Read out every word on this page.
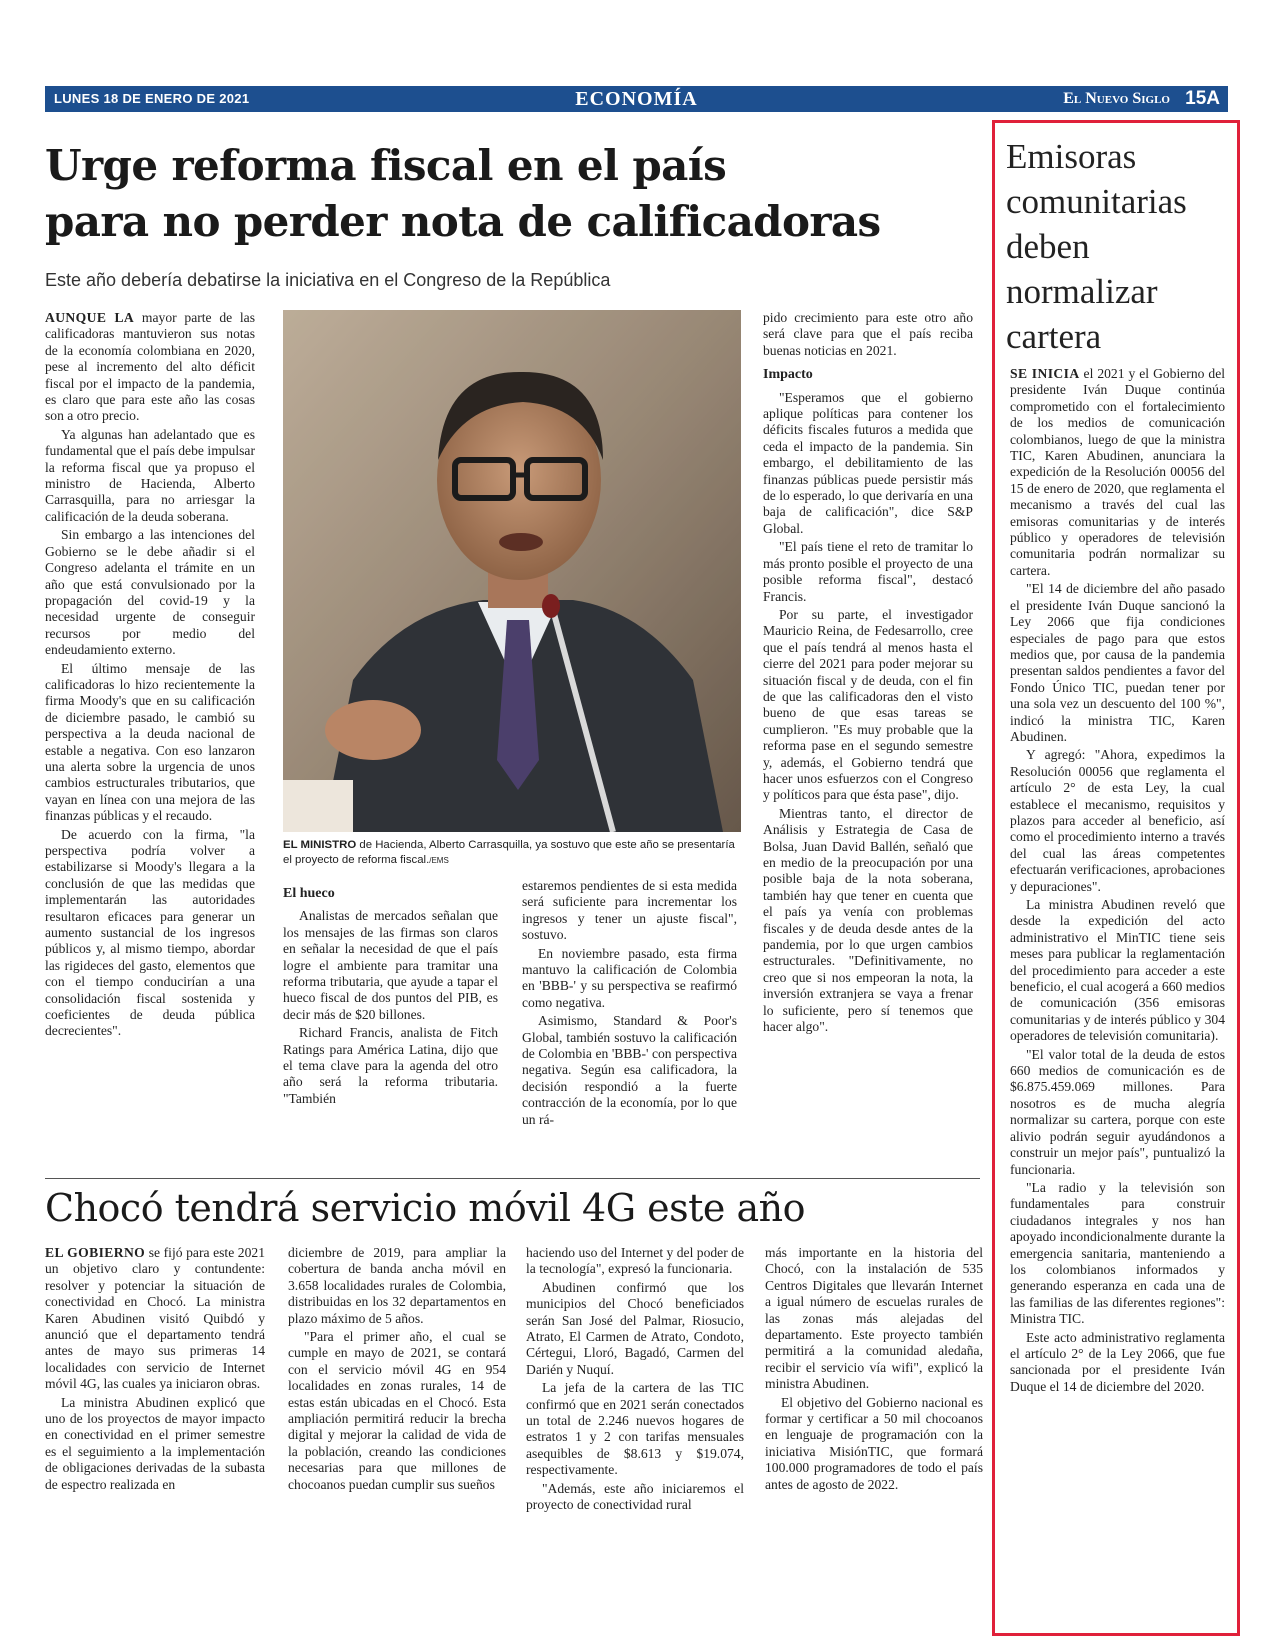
LUNES 18 DE ENERO DE 2021	ECONOMÍA	El Nuevo Siglo 15A
Urge reforma fiscal en el país
para no perder nota de calificadoras
Este año debería debatirse la iniciativa en el Congreso de la República

AUNQUE LA mayor parte de las calificadoras mantuvieron sus notas de la economía colombiana en 2020, pese al incremento del alto déficit fiscal por el impacto de la pandemia, es claro que para este año las cosas son a otro precio.

Ya algunas han adelantado que es fundamental que el país debe impulsar la reforma fiscal que ya propuso el ministro de Hacienda, Alberto Carrasquilla, para no arriesgar la calificación de la deuda soberana.

Sin embargo a las intenciones del Gobierno se le debe añadir si el Congreso adelanta el trámite en un año que está convulsionado por la propagación del covid-19 y la necesidad urgente de conseguir recursos por medio del endeudamiento externo.

El último mensaje de las calificadoras lo hizo recientemente la firma Moody's que en su calificación de diciembre pasado, le cambió su perspectiva a la deuda nacional de estable a negativa. Con eso lanzaron una alerta sobre la urgencia de unos cambios estructurales tributarios, que vayan en línea con una mejora de las finanzas públicas y el recaudo.

De acuerdo con la firma, "la perspectiva podría volver a estabilizarse si Moody's llegara a la conclusión de que las medidas que implementarán las autoridades resultaron eficaces para generar un aumento sustancial de los ingresos públicos y, al mismo tiempo, abordar las rigideces del gasto, elementos que con el tiempo conducirían a una consolidación fiscal sostenida y coeficientes de deuda pública decrecientes".

EL MINISTRO de Hacienda, Alberto Carrasquilla, ya sostuvo que este año se presentaría el proyecto de reforma fiscal./EMS
El hueco

Analistas de mercados señalan que los mensajes de las firmas son claros en señalar la necesidad de que el país logre el ambiente para tramitar una reforma tributaria, que ayude a tapar el hueco fiscal de dos puntos del PIB, es decir más de $20 billones.

Richard Francis, analista de Fitch Ratings para América Latina, dijo que el tema clave para la agenda del otro año será la reforma tributaria. "También

estaremos pendientes de si esta medida será suficiente para incrementar los ingresos y tener un ajuste fiscal", sostuvo.

En noviembre pasado, esta firma mantuvo la calificación de Colombia en 'BBB-' y su perspectiva se reafirmó como negativa.

Asimismo, Standard & Poor's Global, también sostuvo la calificación de Colombia en 'BBB-' con perspectiva negativa. Según esa calificadora, la decisión respondió a la fuerte contracción de la economía, por lo que un rá-

pido crecimiento para este otro año será clave para que el país reciba buenas noticias en 2021.

Impacto

"Esperamos que el gobierno aplique políticas para contener los déficits fiscales futuros a medida que ceda el impacto de la pandemia. Sin embargo, el debilitamiento de las finanzas públicas puede persistir más de lo esperado, lo que derivaría en una baja de calificación", dice S&P Global.

"El país tiene el reto de tramitar lo más pronto posible el proyecto de una posible reforma fiscal", destacó Francis.

Por su parte, el investigador Mauricio Reina, de Fedesarrollo, cree que el país tendrá al menos hasta el cierre del 2021 para poder mejorar su situación fiscal y de deuda, con el fin de que las calificadoras den el visto bueno de que esas tareas se cumplieron. "Es muy probable que la reforma pase en el segundo semestre y, además, el Gobierno tendrá que hacer unos esfuerzos con el Congreso y políticos para que ésta pase", dijo.

Mientras tanto, el director de Análisis y Estrategia de Casa de Bolsa, Juan David Ballén, señaló que en medio de la preocupación por una posible baja de la nota soberana, también hay que tener en cuenta que el país ya venía con problemas fiscales y de deuda desde antes de la pandemia, por lo que urgen cambios estructurales. "Definitivamente, no creo que si nos empeoran la nota, la inversión extranjera se vaya a frenar lo suficiente, pero sí tenemos que hacer algo".

Chocó tendrá servicio móvil 4G este año

EL GOBIERNO se fijó para este 2021 un objetivo claro y contundente: resolver y potenciar la situación de conectividad en Chocó. La ministra Karen Abudinen visitó Quibdó y anunció que el departamento tendrá antes de mayo sus primeras 14 localidades con servicio de Internet móvil 4G, las cuales ya iniciaron obras.

La ministra Abudinen explicó que uno de los proyectos de mayor impacto en conectividad en el primer semestre es el seguimiento a la implementación de obligaciones derivadas de la subasta de espectro realizada en

diciembre de 2019, para ampliar la cobertura de banda ancha móvil en 3.658 localidades rurales de Colombia, distribuidas en los 32 departamentos en plazo máximo de 5 años.

"Para el primer año, el cual se cumple en mayo de 2021, se contará con el servicio móvil 4G en 954 localidades en zonas rurales, 14 de estas están ubicadas en el Chocó. Esta ampliación permitirá reducir la brecha digital y mejorar la calidad de vida de la población, creando las condiciones necesarias para que millones de chocoanos puedan cumplir sus sueños

haciendo uso del Internet y del poder de la tecnología", expresó la funcionaria.

Abudinen confirmó que los municipios del Chocó beneficiados serán San José del Palmar, Riosucio, Atrato, El Carmen de Atrato, Condoto, Cértegui, Lloró, Bagadó, Carmen del Darién y Nuquí.

La jefa de la cartera de las TIC confirmó que en 2021 serán conectados un total de 2.246 nuevos hogares de estratos 1 y 2 con tarifas mensuales asequibles de $8.613 y $19.074, respectivamente.

"Además, este año iniciaremos el proyecto de conectividad rural

más importante en la historia del Chocó, con la instalación de 535 Centros Digitales que llevarán Internet a igual número de escuelas rurales de las zonas más alejadas del departamento. Este proyecto también permitirá a la comunidad aledaña, recibir el servicio vía wifi", explicó la ministra Abudinen.

El objetivo del Gobierno nacional es formar y certificar a 50 mil chocoanos en lenguaje de programación con la iniciativa MisiónTIC, que formará 100.000 programadores de todo el país antes de agosto de 2022.

Emisoras comunitarias deben normalizar cartera

SE INICIA el 2021 y el Gobierno del presidente Iván Duque continúa comprometido con el fortalecimiento de los medios de comunicación colombianos, luego de que la ministra TIC, Karen Abudinen, anunciara la expedición de la Resolución 00056 del 15 de enero de 2020, que reglamenta el mecanismo a través del cual las emisoras comunitarias y de interés público y operadores de televisión comunitaria podrán normalizar su cartera.

"El 14 de diciembre del año pasado el presidente Iván Duque sancionó la Ley 2066 que fija condiciones especiales de pago para que estos medios que, por causa de la pandemia presentan saldos pendientes a favor del Fondo Único TIC, puedan tener por una sola vez un descuento del 100 %", indicó la ministra TIC, Karen Abudinen.

Y agregó: "Ahora, expedimos la Resolución 00056 que reglamenta el artículo 2° de esta Ley, la cual establece el mecanismo, requisitos y plazos para acceder al beneficio, así como el procedimiento interno a través del cual las áreas competentes efectuarán verificaciones, aprobaciones y depuraciones".

La ministra Abudinen reveló que desde la expedición del acto administrativo el MinTIC tiene seis meses para publicar la reglamentación del procedimiento para acceder a este beneficio, el cual acogerá a 660 medios de comunicación (356 emisoras comunitarias y de interés público y 304 operadores de televisión comunitaria).

"El valor total de la deuda de estos 660 medios de comunicación es de $6.875.459.069 millones. Para nosotros es de mucha alegría normalizar su cartera, porque con este alivio podrán seguir ayudándonos a construir un mejor país", puntualizó la funcionaria.

"La radio y la televisión son fundamentales para construir ciudadanos integrales y nos han apoyado incondicionalmente durante la emergencia sanitaria, manteniendo a los colombianos informados y generando esperanza en cada una de las familias de las diferentes regiones": Ministra TIC.

Este acto administrativo reglamenta el artículo 2° de la Ley 2066, que fue sancionada por el presidente Iván Duque el 14 de diciembre del 2020.
